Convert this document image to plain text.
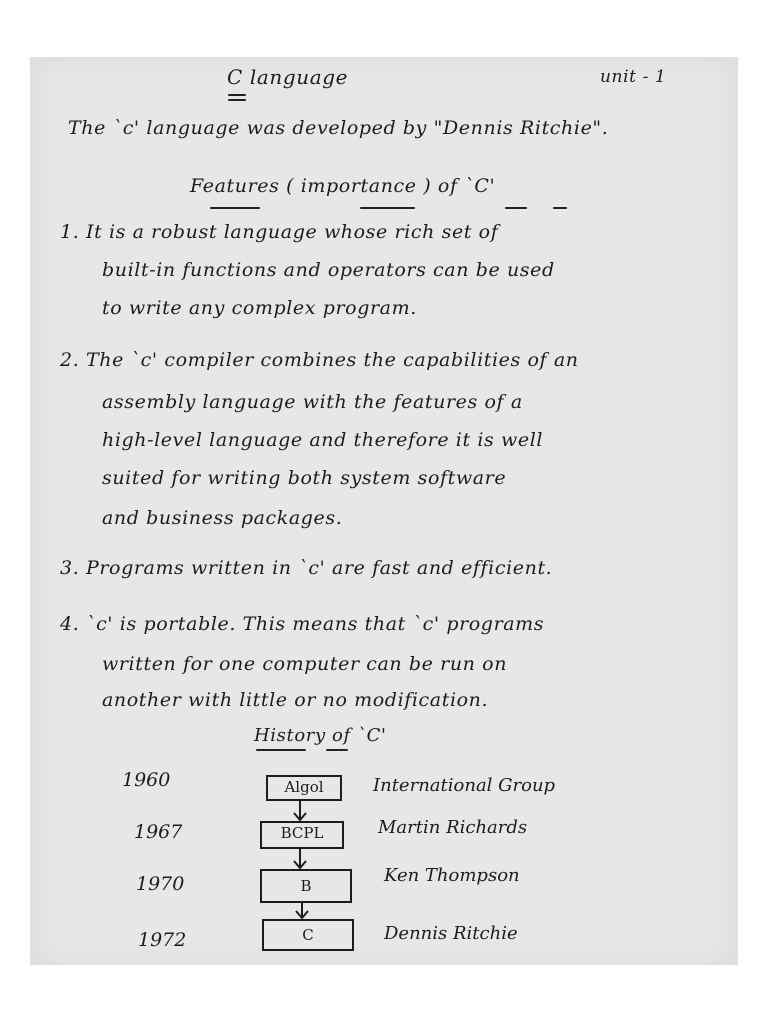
C language	unit - 1
The `c' language was developed by "Dennis Ritchie".
Features ( importance ) of `C'
1. It is a robust language whose rich set of
built-in functions and operators can be used
to write any complex program.
2. The `c' compiler combines the capabilities of an
assembly language with the features of a
high-level language and therefore it is well
suited for writing both system software
and business packages.
3. Programs written in `c' are fast and efficient.
4. `c' is portable. This means that `c' programs
written for one computer can be run on
another with little or no modification.
History of `C'
1960
1967
1970
1972
Algol
BCPL
B
C
International Group
Martin Richards
Ken Thompson
Dennis Ritchie
